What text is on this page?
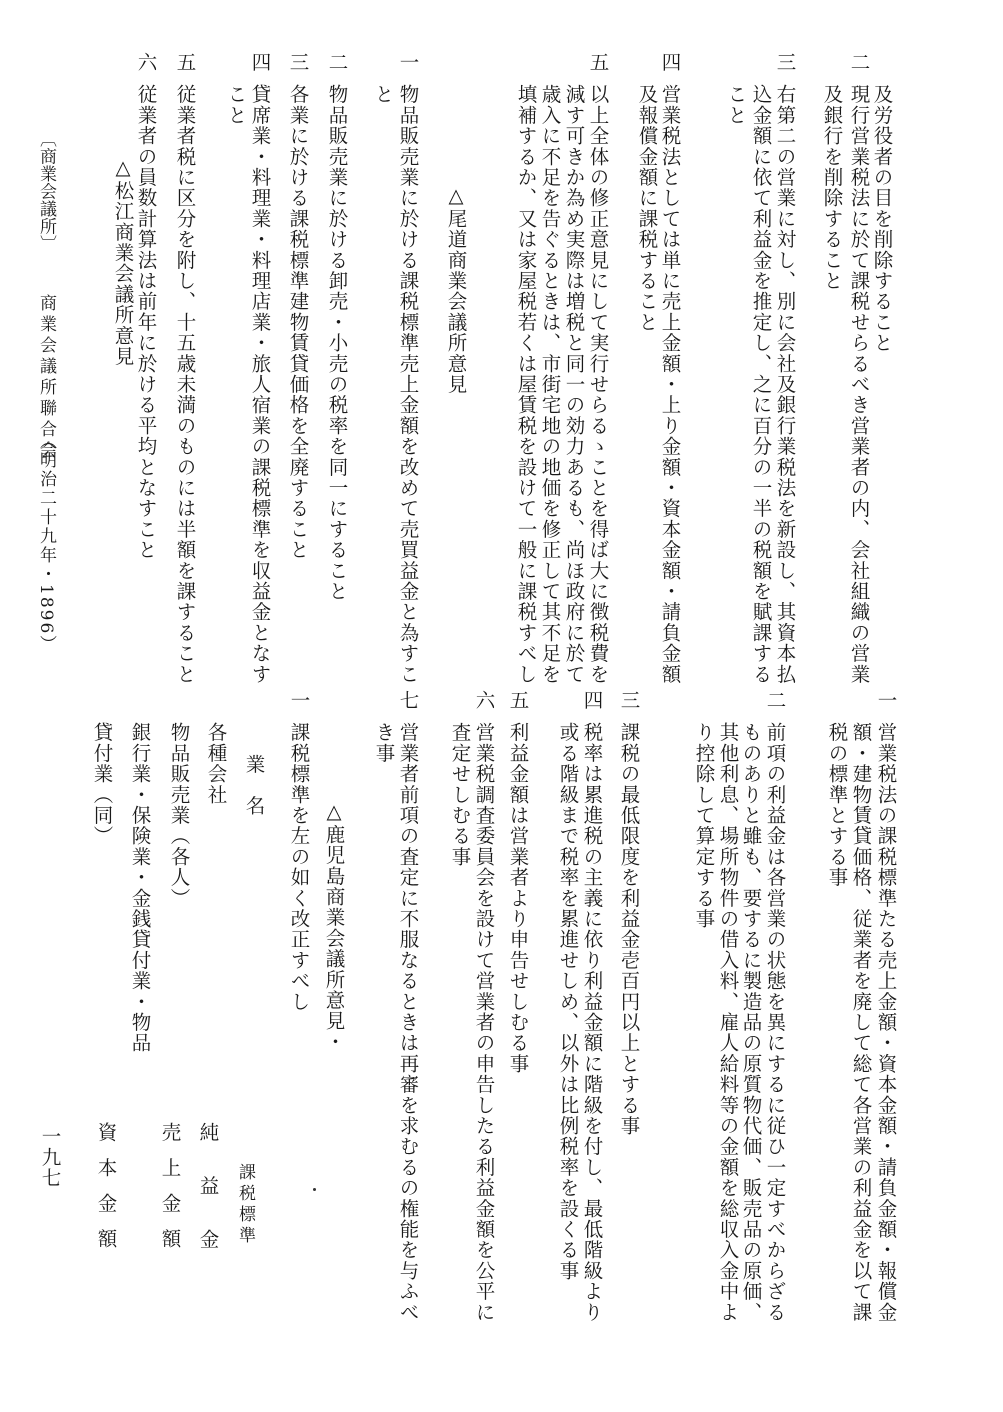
及労役者の目を削除すること
二
現行営業税法に於て課税せらるべき営業者の内、会社組織の営業
及銀行を削除すること
三
右第二の営業に対し、別に会社及銀行業税法を新設し、其資本払
込金額に依て利益金を推定し、之に百分の一半の税額を賦課する
こと
四
営業税法としては単に売上金額・上り金額・資本金額・請負金額
及報償金額に課税すること
五
以上全体の修正意見にして実行せらるゝことを得ば大に徴税費を
減す可きか為め実際は増税と同一の効力あるも、尚ほ政府に於て
歳入に不足を告ぐるときは、市街宅地の地価を修正して其不足を
填補するか、又は家屋税若くは屋賃税を設けて一般に課税すべし
△尾道商業会議所意見
一
物品販売業に於ける課税標準売上金額を改めて売買益金と為すこ
と
二
物品販売業に於ける卸売・小売の税率を同一にすること
三
各業に於ける課税標準建物賃貸価格を全廃すること
四
貸席業・料理業・料理店業・旅人宿業の課税標準を収益金となす
こと
五
従業者税に区分を附し、十五歳未満のものには半額を課すること
六
従業者の員数計算法は前年に於ける平均となすこと
△松江商業会議所意見
一
営業税法の課税標準たる売上金額・資本金額・請負金額・報償金
額・建物賃貸価格、従業者を廃して総て各営業の利益金を以て課
税の標準とする事
二
前項の利益金は各営業の状態を異にするに従ひ一定すべからざる
ものありと雖も、要するに製造品の原質物代価、販売品の原価、
其他利息、場所物件の借入料、雇人給料等の金額を総収入金中よ
り控除して算定する事
三
課税の最低限度を利益金壱百円以上とする事
四
税率は累進税の主義に依り利益金額に階級を付し、最低階級より
或る階級まで税率を累進せしめ、以外は比例税率を設くる事
五
利益金額は営業者より申告せしむる事
六
営業税調査委員会を設けて営業者の申告したる利益金額を公平に
査定せしむる事
七
営業者前項の査定に不服なるときは再審を求むるの権能を与ふべ
き事
△鹿児島商業会議所意見・
一
課税標準を左の如く改正すべし
業　名
各種会社
物品販売業（各人）
銀行業・保険業・金銭貸付業・物品
貸付業（同）
課税標準
純益金
売上金額
資本金額
〔商業会議所〕
商業会議所聯合会
（明治二十九年・1896）
一九七
